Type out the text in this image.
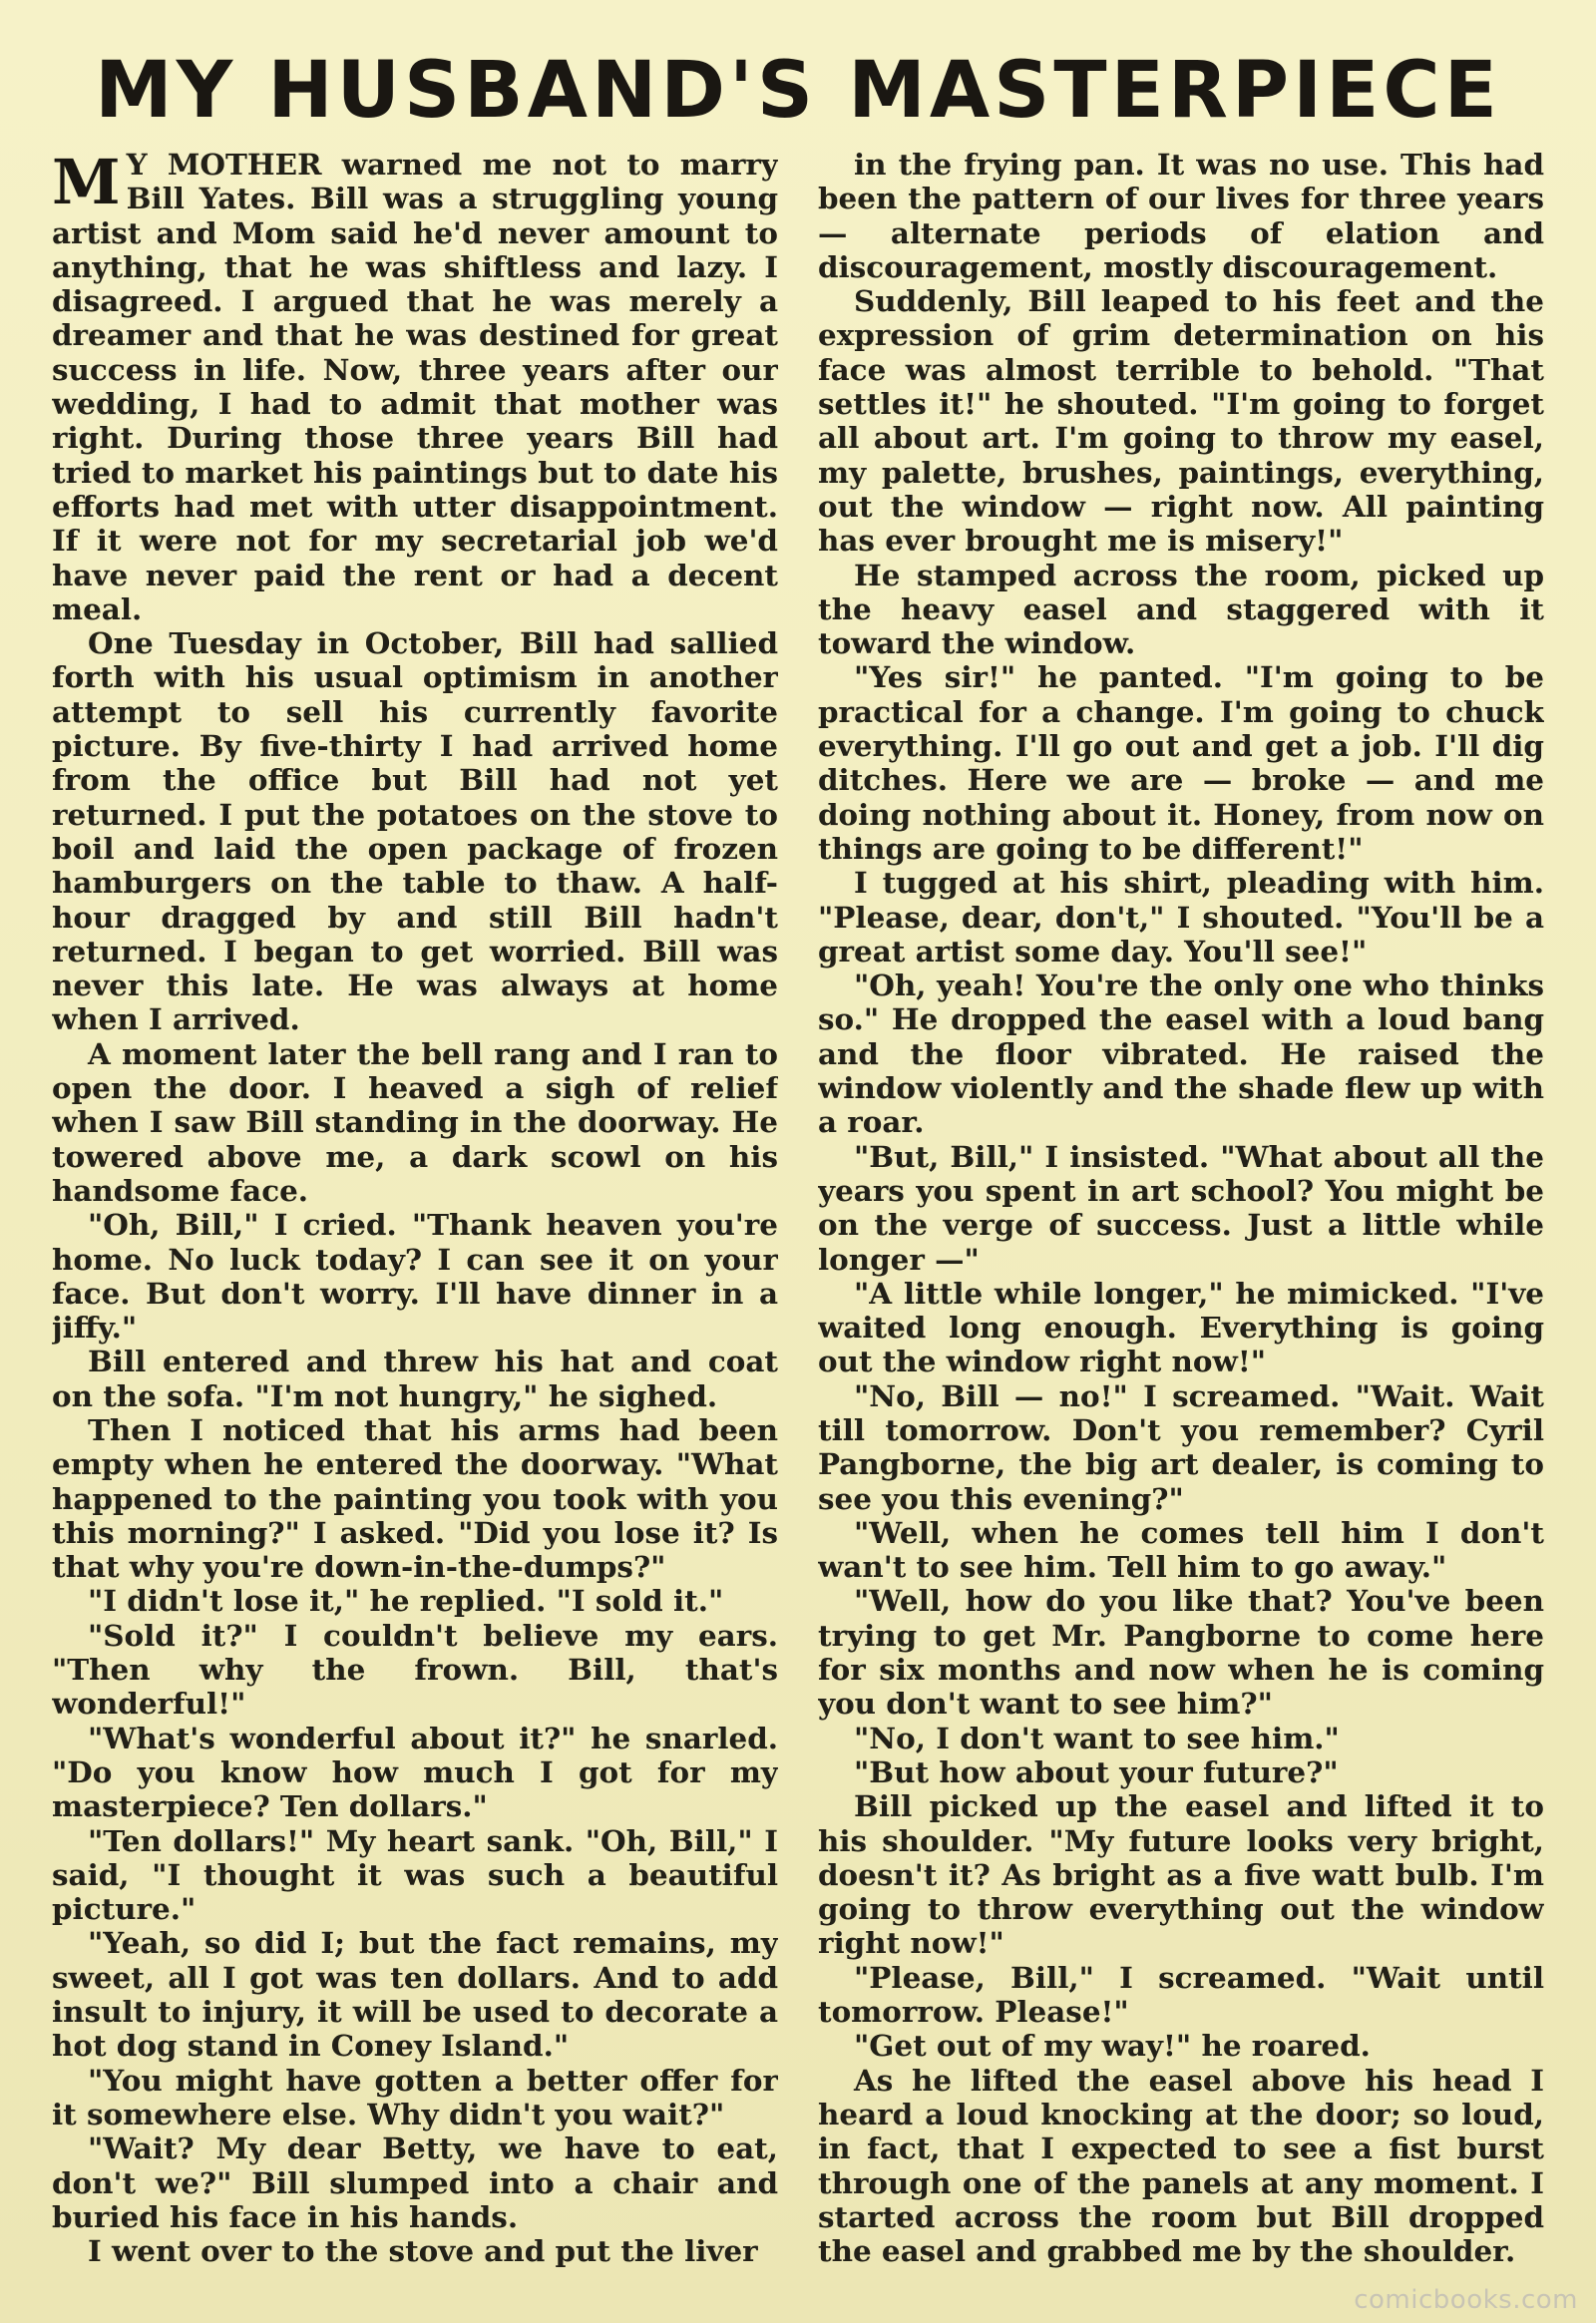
MY HUSBAND'S MASTERPIECE

M Y MOTHER warned me not to marry Bill Yates. Bill was a struggling young artist and Mom said he'd never amount to anything, that he was shiftless and lazy. I disagreed. I argued that he was merely a dreamer and that he was destined for great success in life. Now, three years after our wedding, I had to admit that mother was right. During those three years Bill had tried to market his paintings but to date his efforts had met with utter disappointment. If it were not for my secretarial job we'd have never paid the rent or had a decent meal.

One Tuesday in October, Bill had sallied forth with his usual optimism in another attempt to sell his currently favorite picture. By five-thirty I had arrived home from the office but Bill had not yet returned. I put the potatoes on the stove to boil and laid the open package of frozen hamburgers on the table to thaw. A half-hour dragged by and still Bill hadn't returned. I began to get worried. Bill was never this late. He was always at home when I arrived.

A moment later the bell rang and I ran to open the door. I heaved a sigh of relief when I saw Bill standing in the doorway. He towered above me, a dark scowl on his handsome face.

"Oh, Bill," I cried. "Thank heaven you're home. No luck today? I can see it on your face. But don't worry. I'll have dinner in a jiffy."

Bill entered and threw his hat and coat on the sofa. "I'm not hungry," he sighed.

Then I noticed that his arms had been empty when he entered the doorway. "What happened to the painting you took with you this morning?" I asked. "Did you lose it? Is that why you're down-in-the-dumps?"

"I didn't lose it," he replied. "I sold it."

"Sold it?" I couldn't believe my ears. "Then why the frown. Bill, that's wonderful!"

"What's wonderful about it?" he snarled. "Do you know how much I got for my masterpiece? Ten dollars."

"Ten dollars!" My heart sank. "Oh, Bill," I said, "I thought it was such a beautiful picture."

"Yeah, so did I; but the fact remains, my sweet, all I got was ten dollars. And to add insult to injury, it will be used to decorate a hot dog stand in Coney Island."

"You might have gotten a better offer for it somewhere else. Why didn't you wait?"

"Wait? My dear Betty, we have to eat, don't we?" Bill slumped into a chair and buried his face in his hands.

I went over to the stove and put the liver

in the frying pan. It was no use. This had been the pattern of our lives for three years — alternate periods of elation and discouragement, mostly discouragement.

Suddenly, Bill leaped to his feet and the expression of grim determination on his face was almost terrible to behold. "That settles it!" he shouted. "I'm going to forget all about art. I'm going to throw my easel, my palette, brushes, paintings, everything, out the window — right now. All painting has ever brought me is misery!"

He stamped across the room, picked up the heavy easel and staggered with it toward the window.

"Yes sir!" he panted. "I'm going to be practical for a change. I'm going to chuck everything. I'll go out and get a job. I'll dig ditches. Here we are — broke — and me doing nothing about it. Honey, from now on things are going to be different!"

I tugged at his shirt, pleading with him. "Please, dear, don't," I shouted. "You'll be a great artist some day. You'll see!"

"Oh, yeah! You're the only one who thinks so." He dropped the easel with a loud bang and the floor vibrated. He raised the window violently and the shade flew up with a roar.

"But, Bill," I insisted. "What about all the years you spent in art school? You might be on the verge of success. Just a little while longer —"

"A little while longer," he mimicked. "I've waited long enough. Everything is going out the window right now!"

"No, Bill — no!" I screamed. "Wait. Wait till tomorrow. Don't you remember? Cyril Pangborne, the big art dealer, is coming to see you this evening?"

"Well, when he comes tell him I don't wan't to see him. Tell him to go away."

"Well, how do you like that? You've been trying to get Mr. Pangborne to come here for six months and now when he is coming you don't want to see him?"

"No, I don't want to see him."

"But how about your future?"

Bill picked up the easel and lifted it to his shoulder. "My future looks very bright, doesn't it? As bright as a five watt bulb. I'm going to throw everything out the window right now!"

"Please, Bill," I screamed. "Wait until tomorrow. Please!"

"Get out of my way!" he roared.

As he lifted the easel above his head I heard a loud knocking at the door; so loud, in fact, that I expected to see a fist burst through one of the panels at any moment. I started across the room but Bill dropped the easel and grabbed me by the shoulder.

comicbooks.com
